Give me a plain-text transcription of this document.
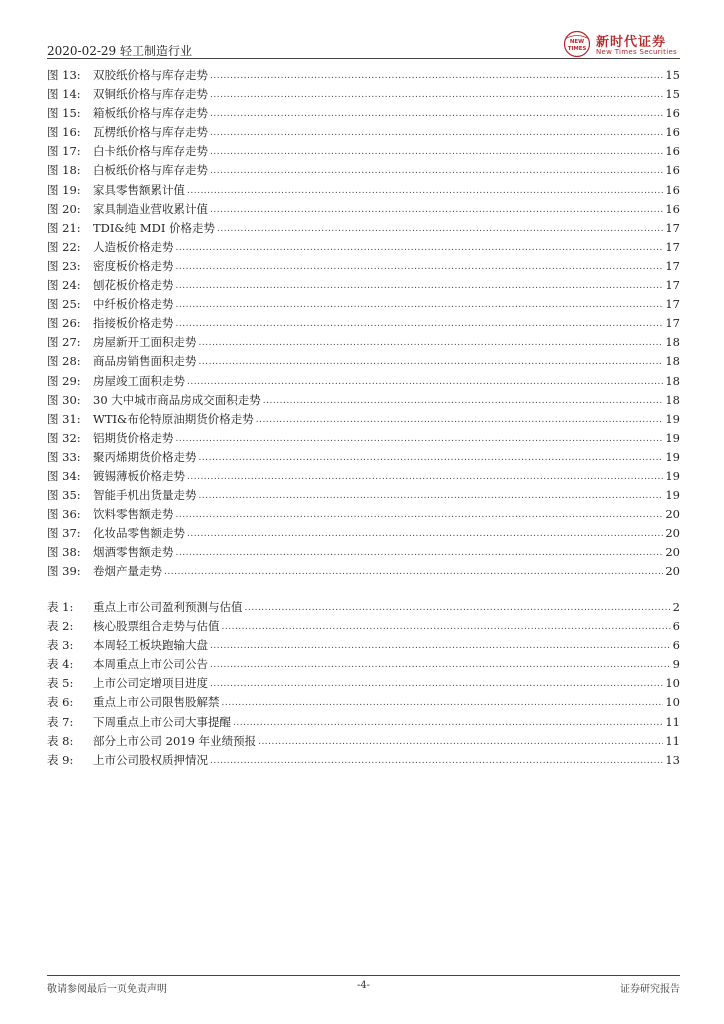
2020-02-29 轻工制造行业
NEW
TIMES 新时代证券
New Times Securities
图 13:	双胶纸价格与库存走势 .....	15
图 14:	双铜纸价格与库存走势 .....	15
图 15:	箱板纸价格与库存走势 .....	16
图 16:	瓦楞纸价格与库存走势 .....	16
图 17:	白卡纸价格与库存走势 .....	16
图 18:	白板纸价格与库存走势 .....	16
图 19:	家具零售额累计值 .....	16
图 20:	家具制造业营收累计值 .....	16
图 21:	TDI&纯 MDI 价格走势 .....	17
图 22:	人造板价格走势 .....	17
图 23:	密度板价格走势 .....	17
图 24:	刨花板价格走势 .....	17
图 25:	中纤板价格走势 .....	17
图 26:	指接板价格走势 .....	17
图 27:	房屋新开工面积走势 .....	18
图 28:	商品房销售面积走势 .....	18
图 29:	房屋竣工面积走势 .....	18
图 30:	30 大中城市商品房成交面积走势 .....	18
图 31:	WTI&布伦特原油期货价格走势 .....	19
图 32:	铝期货价格走势 .....	19
图 33:	聚丙烯期货价格走势 .....	19
图 34:	镀锡薄板价格走势 .....	19
图 35:	智能手机出货量走势 .....	19
图 36:	饮料零售额走势 .....	20
图 37:	化妆品零售额走势 .....	20
图 38:	烟酒零售额走势 .....	20
图 39:	卷烟产量走势 .....	20
表 1:	重点上市公司盈利预测与估值 .....	2
表 2:	核心股票组合走势与估值 .....	6
表 3:	本周轻工板块跑输大盘 .....	6
表 4:	本周重点上市公司公告 .....	9
表 5:	上市公司定增项目进度 .....	10
表 6:	重点上市公司限售股解禁 .....	10
表 7:	下周重点上市公司大事提醒 .....	11
表 8:	部分上市公司 2019 年业绩预报 .....	11
表 9:	上市公司股权质押情况 .....	13
敬请参阅最后一页免责声明	-4-	证券研究报告
